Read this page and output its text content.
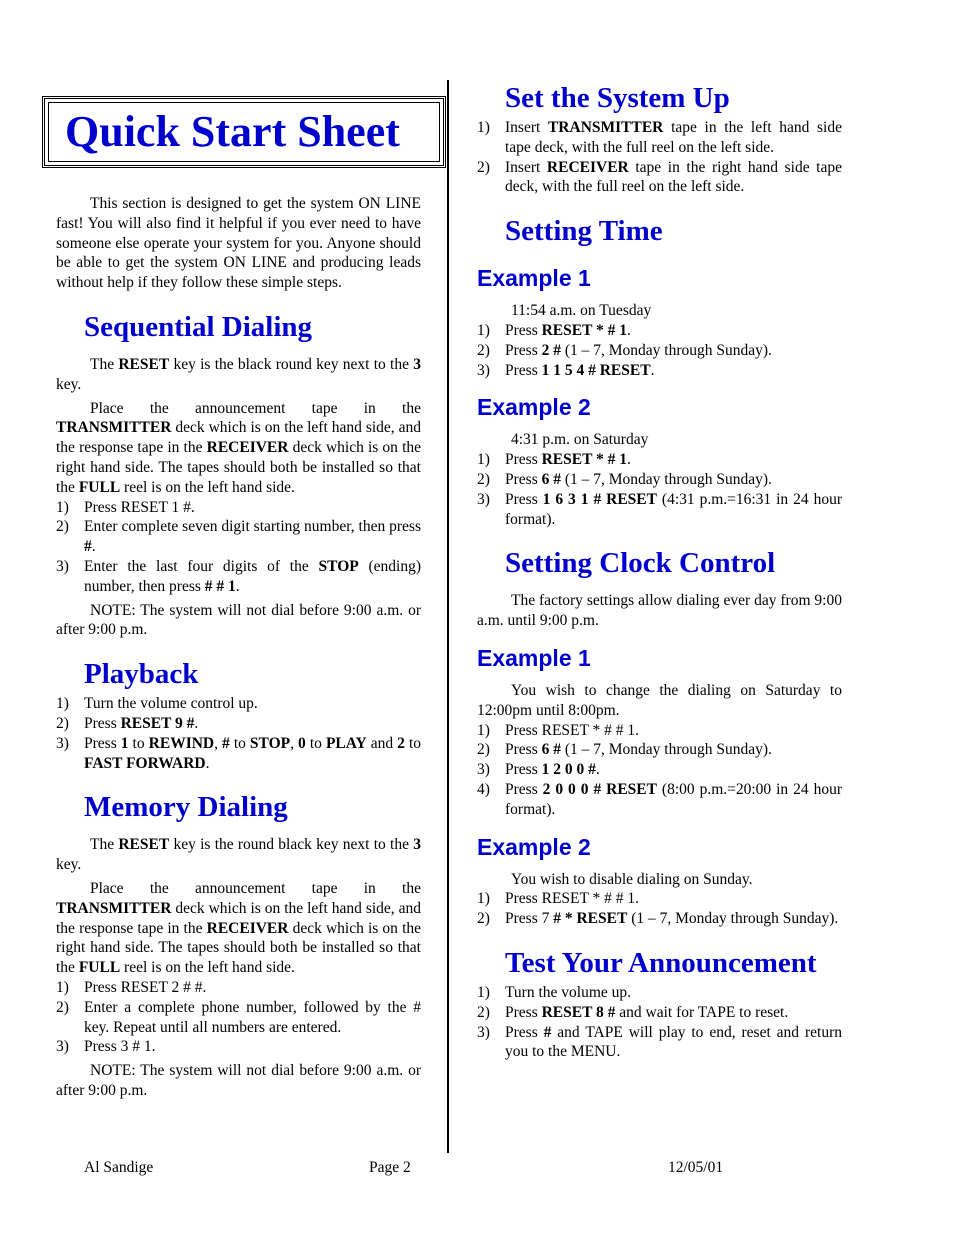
Quick Start Sheet

This section is designed to get the system ON LINE fast! You will also find it helpful if you ever need to have someone else operate your system for you. Anyone should be able to get the system ON LINE and producing leads without help if they follow these simple steps.

Sequential Dialing

The RESET key is the black round key next to the 3 key.

Place the announcement tape in the TRANSMITTER deck which is on the left hand side, and the response tape in the RECEIVER deck which is on the right hand side. The tapes should both be installed so that the FULL reel is on the left hand side.

1) Press RESET 1 #.
2) Enter complete seven digit starting number, then press #.
3) Enter the last four digits of the STOP (ending) number, then press # # 1.

NOTE: The system will not dial before 9:00 a.m. or after 9:00 p.m.

Playback
1) Turn the volume control up.
2) Press RESET 9 #.
3) Press 1 to REWIND, # to STOP, 0 to PLAY and 2 to FAST FORWARD.
Memory Dialing

The RESET key is the round black key next to the 3 key.

Place the announcement tape in the TRANSMITTER deck which is on the left hand side, and the response tape in the RECEIVER deck which is on the right hand side. The tapes should both be installed so that the FULL reel is on the left hand side.

1) Press RESET 2 # #.
2) Enter a complete phone number, followed by the # key. Repeat until all numbers are entered.
3) Press 3 # 1.

NOTE: The system will not dial before 9:00 a.m. or after 9:00 p.m.

Set the System Up
1) Insert TRANSMITTER tape in the left hand side tape deck, with the full reel on the left side.
2) Insert RECEIVER tape in the right hand side tape deck, with the full reel on the left side.
Setting Time
Example 1

11:54 a.m. on Tuesday

1) Press RESET * # 1.
2) Press 2 # (1 – 7, Monday through Sunday).
3) Press 1 1 5 4 # RESET.
Example 2

4:31 p.m. on Saturday

1) Press RESET * # 1.
2) Press 6 # (1 – 7, Monday through Sunday).
3) Press 1 6 3 1 # RESET (4:31 p.m.=16:31 in 24 hour format).
Setting Clock Control

The factory settings allow dialing ever day from 9:00 a.m. until 9:00 p.m.

Example 1

You wish to change the dialing on Saturday to 12:00pm until 8:00pm.

1) Press RESET * # # 1.
2) Press 6 # (1 – 7, Monday through Sunday).
3) Press 1 2 0 0 #.
4) Press 2 0 0 0 # RESET (8:00 p.m.=20:00 in 24 hour format).
Example 2

You wish to disable dialing on Sunday.

1) Press RESET * # # 1.
2) Press 7 # * RESET (1 – 7, Monday through Sunday).
Test Your Announcement
1) Turn the volume up.
2) Press RESET 8 # and wait for TAPE to reset.
3) Press # and TAPE will play to end, reset and return you to the MENU.
Al Sandige	Page 2	12/05/01
